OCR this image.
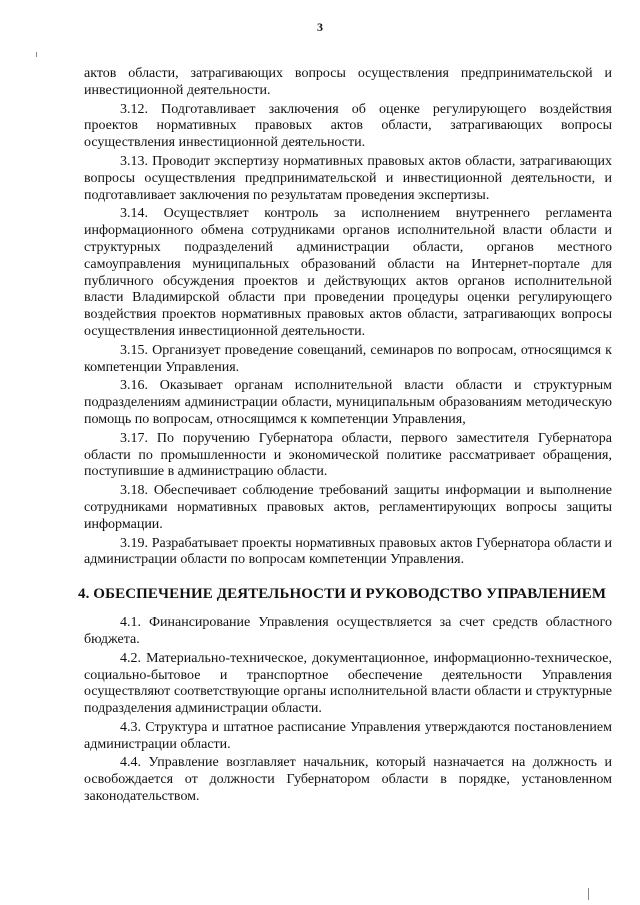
3

актов области, затрагивающих вопросы осуществления предпринимательской и инвестиционной деятельности.

3.12. Подготавливает заключения об оценке регулирующего воздействия проектов нормативных правовых актов области, затрагивающих вопросы осуществления инвестиционной деятельности.

3.13. Проводит экспертизу нормативных правовых актов области, затрагивающих вопросы осуществления предпринимательской и инвестиционной деятельности, и подготавливает заключения по результатам проведения экспертизы.

3.14. Осуществляет контроль за исполнением внутреннего регламента информационного обмена сотрудниками органов исполнительной власти области и структурных подразделений администрации области, органов местного самоуправления муниципальных образований области на Интернет-портале для публичного обсуждения проектов и действующих актов органов исполнительной власти Владимирской области при проведении процедуры оценки регулирующего воздействия проектов нормативных правовых актов области, затрагивающих вопросы осуществления инвестиционной деятельности.

3.15. Организует проведение совещаний, семинаров по вопросам, относящимся к компетенции Управления.

3.16. Оказывает органам исполнительной власти области и структурным подразделениям администрации области, муниципальным образованиям методическую помощь по вопросам, относящимся к компетенции Управления,

3.17. По поручению Губернатора области, первого заместителя Губернатора области по промышленности и экономической политике рассматривает обращения, поступившие в администрацию области.

3.18. Обеспечивает соблюдение требований защиты информации и выполнение сотрудниками нормативных правовых актов, регламентирующих вопросы защиты информации.

3.19. Разрабатывает проекты нормативных правовых актов Губернатора области и администрации области по вопросам компетенции Управления.

4. ОБЕСПЕЧЕНИЕ ДЕЯТЕЛЬНОСТИ И РУКОВОДСТВО УПРАВЛЕНИЕМ

4.1. Финансирование Управления осуществляется за счет средств областного бюджета.

4.2. Материально-техническое, документационное, информационно-техническое, социально-бытовое и транспортное обеспечение деятельности Управления осуществляют соответствующие органы исполнительной власти области и структурные подразделения администрации области.

4.3. Структура и штатное расписание Управления утверждаются постановлением администрации области.

4.4. Управление возглавляет начальник, который назначается на должность и освобождается от должности Губернатором области в порядке, установленном законодательством.
